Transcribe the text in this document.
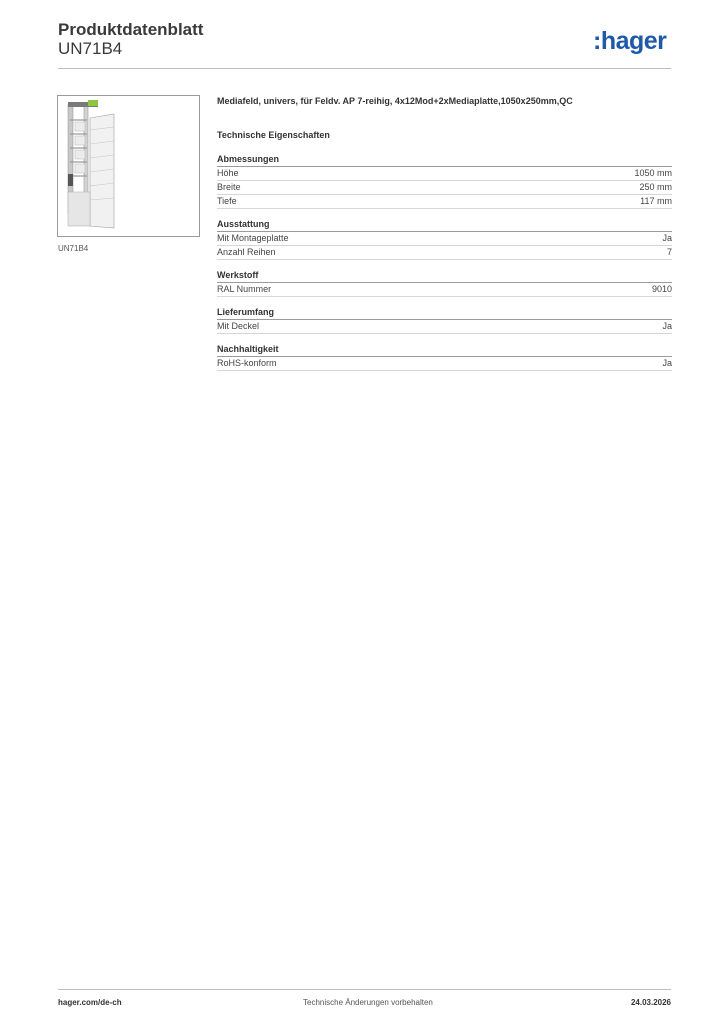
Produktdatenblatt
UN71B4	:hager
UN71B4
Mediafeld, univers, für Feldv. AP 7-reihig, 4x12Mod+2xMediaplatte,1050x250mm,QC
Technische Eigenschaften
Abmessungen
Höhe	1050 mm
Breite	250 mm
Tiefe	117 mm
Ausstattung
Mit Montageplatte	Ja
Anzahl Reihen	7
Werkstoff
RAL Nummer	9010
Lieferumfang
Mit Deckel	Ja
Nachhaltigkeit
RoHS-konform	Ja
hager.com/de-ch	Technische Änderungen vorbehalten	24.03.2026
